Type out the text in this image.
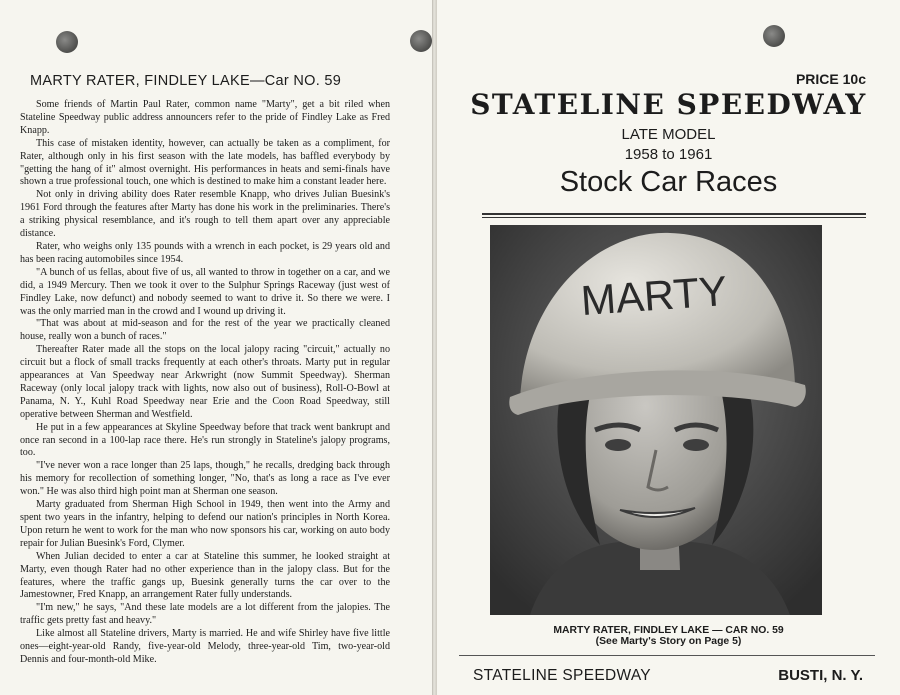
MARTY RATER, FINDLEY LAKE—Car NO. 59

Some friends of Martin Paul Rater, common name "Marty", get a bit riled when Stateline Speedway public address announcers refer to the pride of Findley Lake as Fred Knapp.

This case of mistaken identity, however, can actually be taken as a compliment, for Rater, although only in his first season with the late models, has baffled everybody by "getting the hang of it" almost overnight. His performances in heats and semi-finals have shown a true professional touch, one which is destined to make him a constant leader here.

Not only in driving ability does Rater resemble Knapp, who drives Julian Buesink's 1961 Ford through the features after Marty has done his work in the preliminaries. There's a striking physical resemblance, and it's rough to tell them apart over any appreciable distance.

Rater, who weighs only 135 pounds with a wrench in each pocket, is 29 years old and has been racing automobiles since 1954.

"A bunch of us fellas, about five of us, all wanted to throw in together on a car, and we did, a 1949 Mercury. Then we took it over to the Sulphur Springs Raceway (just west of Findley Lake, now defunct) and nobody seemed to want to drive it. So there we were. I was the only married man in the crowd and I wound up driving it.

"That was about at mid-season and for the rest of the year we practically cleaned house, really won a bunch of races."

Thereafter Rater made all the stops on the local jalopy racing "circuit," actually no circuit but a flock of small tracks frequently at each other's throats. Marty put in regular appearances at Van Speedway near Arkwright (now Summit Speedway). Sherman Raceway (only local jalopy track with lights, now also out of business), Roll-O-Bowl at Panama, N. Y., Kuhl Road Speedway near Erie and the Coon Road Speedway, still operative between Sherman and Westfield.

He put in a few appearances at Skyline Speedway before that track went bankrupt and once ran second in a 100-lap race there. He's run strongly in Stateline's jalopy programs, too.

"I've never won a race longer than 25 laps, though," he recalls, dredging back through his memory for recollection of something longer, "No, that's as long a race as I've ever won." He was also third high point man at Sherman one season.

Marty graduated from Sherman High School in 1949, then went into the Army and spent two years in the infantry, helping to defend our nation's principles in North Korea. Upon return he went to work for the man who now sponsors his car, working on auto body repair for Julian Buesink's Ford, Clymer.

When Julian decided to enter a car at Stateline this summer, he looked straight at Marty, even though Rater had no other experience than in the jalopy class. But for the features, where the traffic gangs up, Buesink generally turns the car over to the Jamestowner, Fred Knapp, an arrangement Rater fully understands.

"I'm new," he says, "And these late models are a lot different from the jalopies. The traffic gets pretty fast and heavy."

Like almost all Stateline drivers, Marty is married. He and wife Shirley have five little ones—eight-year-old Randy, five-year-old Melody, three-year-old Tim, two-year-old Dennis and four-month-old Mike.

PRICE 10c
STATELINE SPEEDWAY
LATE MODEL
1958 to 1961
Stock Car Races
MARTY
MARTY RATER, FINDLEY LAKE — CAR NO. 59
(See Marty's Story on Page 5)
STATELINE SPEEDWAY	BUSTI, N. Y.
